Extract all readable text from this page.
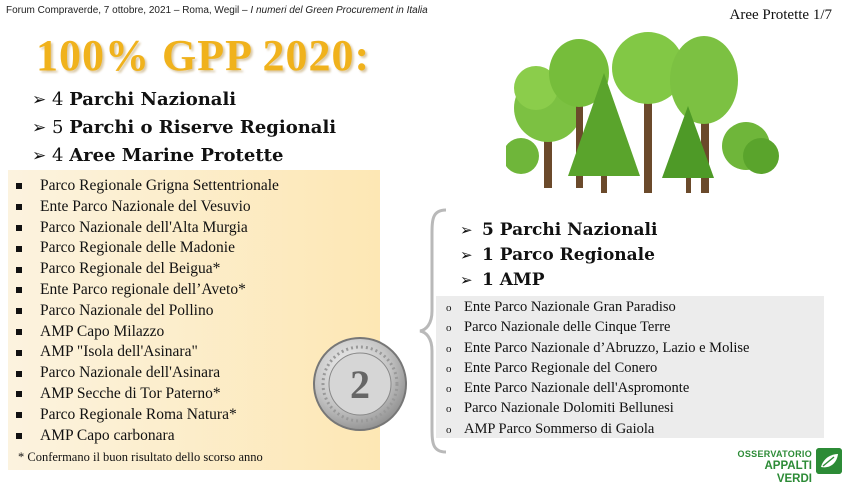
Forum Compraverde, 7 ottobre, 2021 – Roma, Wegil – I numeri del Green Procurement in Italia	Aree Protette 1/7
100% GPP 2020:
➢ 4 Parchi Nazionali
➢ 5 Parchi o Riserve Regionali
➢ 4 Aree Marine Protette
Parco Regionale Grigna Settentrionale
Ente Parco Nazionale del Vesuvio
Parco Nazionale dell'Alta Murgia
Parco Regionale delle Madonie
Parco Regionale del Beigua*
Ente Parco regionale dell’Aveto*
Parco Nazionale del Pollino
AMP Capo Milazzo
AMP "Isola dell'Asinara"
Parco Nazionale dell'Asinara
AMP Secche di Tor Paterno*
Parco Regionale Roma Natura*
AMP Capo carbonara
* Confermano il buon risultato dello scorso anno
2
➢ 5 Parchi Nazionali
➢ 1 Parco Regionale
➢ 1 AMP
o Ente Parco Nazionale Gran Paradiso
o Parco Nazionale delle Cinque Terre
o Ente Parco Nazionale d’Abruzzo, Lazio e Molise
o Ente Parco Regionale del Conero
o Ente Parco Nazionale dell'Aspromonte
o Parco Nazionale Dolomiti Bellunesi
o AMP Parco Sommerso di Gaiola
OSSERVATORIO
APPALTI VERDI
